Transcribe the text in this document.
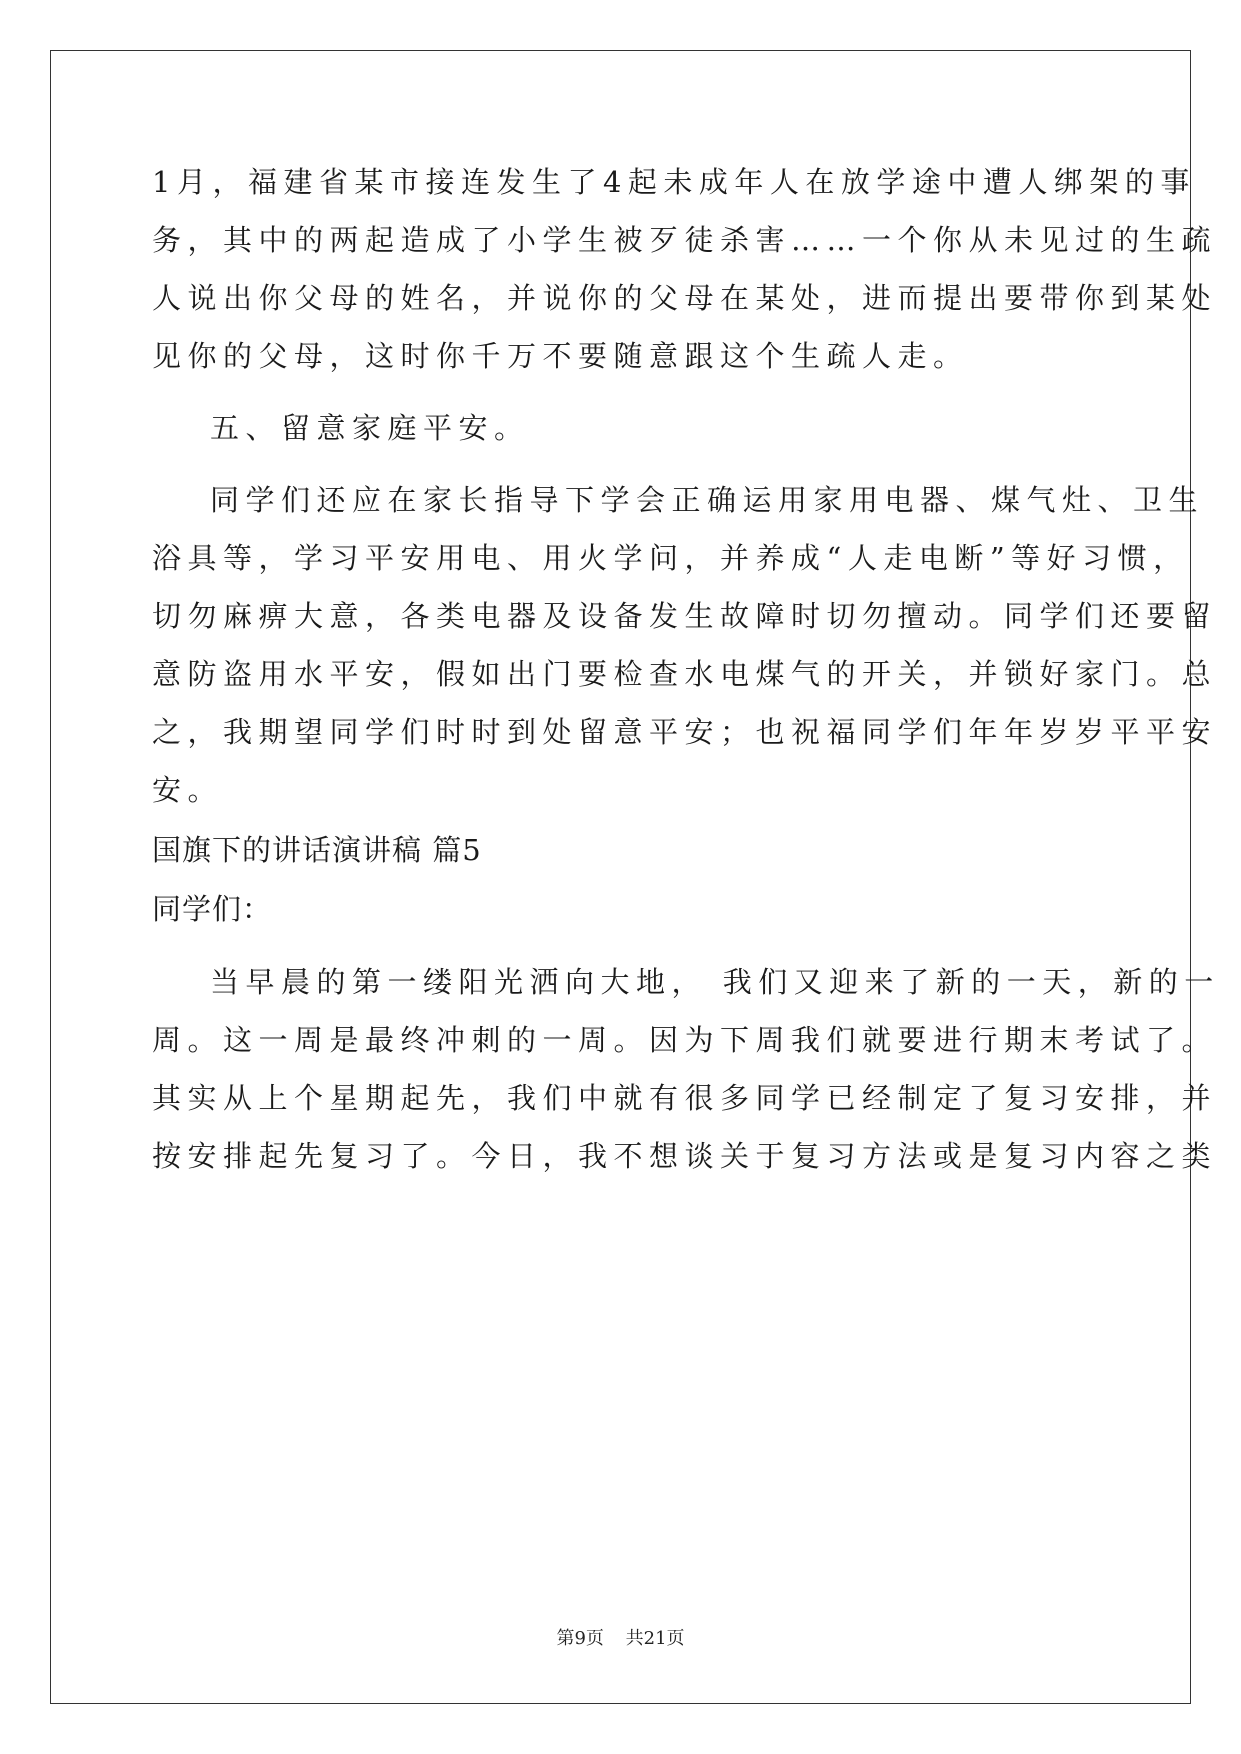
1月，福建省某市接连发生了4起未成年人在放学途中遭人绑架的事
务，其中的两起造成了小学生被歹徒杀害……一个你从未见过的生疏
人说出你父母的姓名，并说你的父母在某处，进而提出要带你到某处
见你的父母，这时你千万不要随意跟这个生疏人走。
五、留意家庭平安。
同学们还应在家长指导下学会正确运用家用电器、煤气灶、卫生
浴具等，学习平安用电、用火学问，并养成“人走电断”等好习惯，
切勿麻痹大意，各类电器及设备发生故障时切勿擅动。同学们还要留
意防盗用水平安，假如出门要检查水电煤气的开关，并锁好家门。总
之，我期望同学们时时到处留意平安；也祝福同学们年年岁岁平平安
安。
国旗下的讲话演讲稿 篇5
同学们：
当早晨的第一缕阳光洒向大地， 我们又迎来了新的一天，新的一
周。这一周是最终冲刺的一周。因为下周我们就要进行期末考试了。
其实从上个星期起先，我们中就有很多同学已经制定了复习安排，并
按安排起先复习了。今日，我不想谈关于复习方法或是复习内容之类
第9页 共21页
